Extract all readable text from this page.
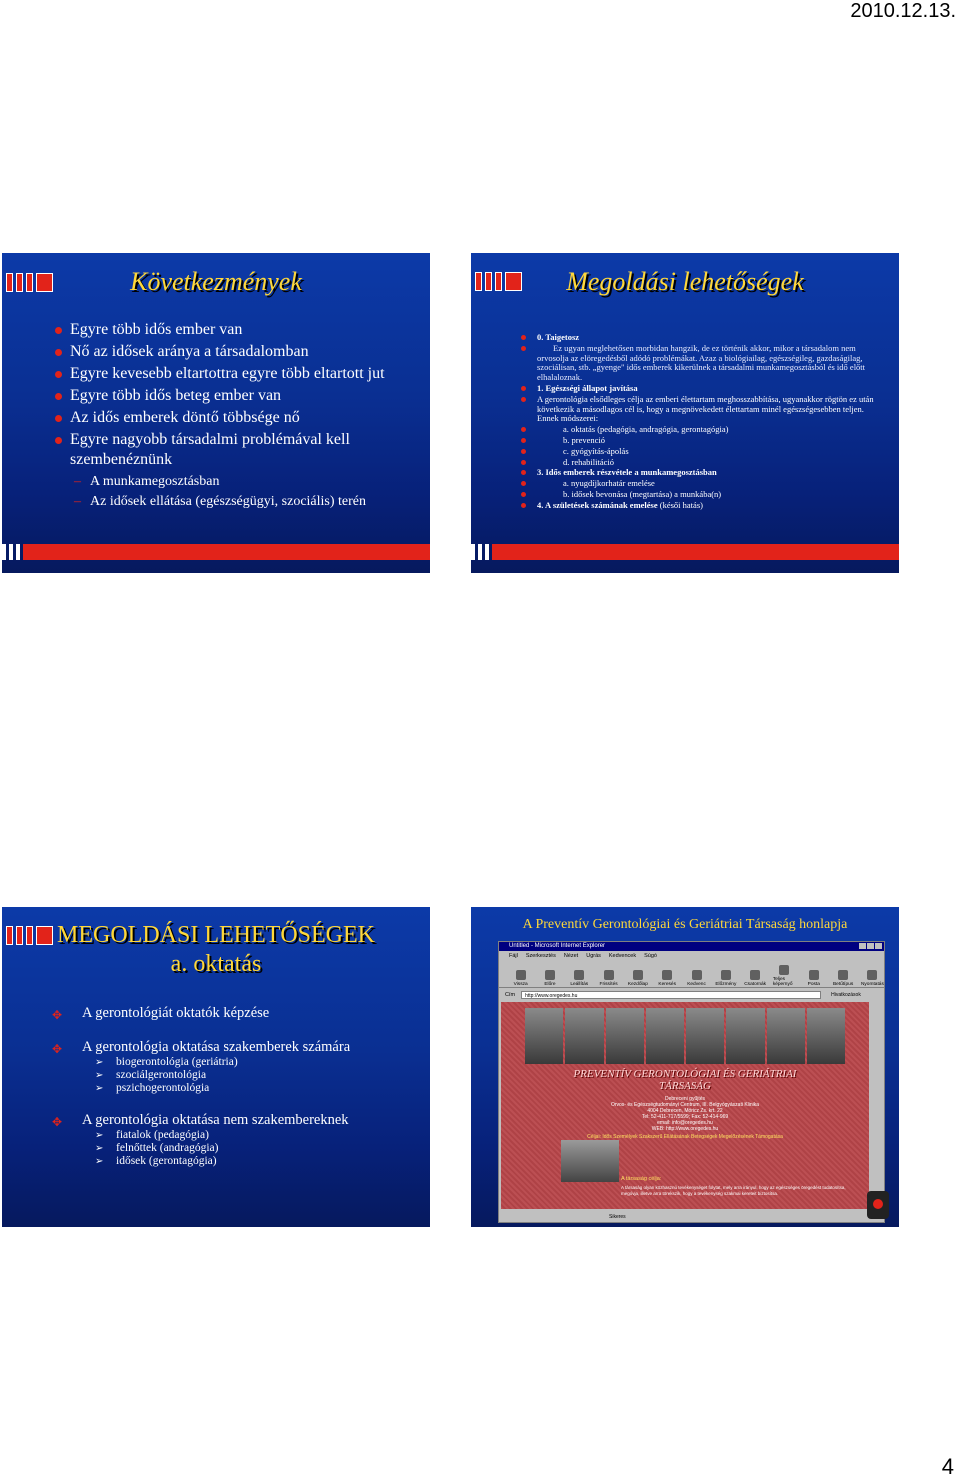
2010.12.13.
Következmények
Egyre több idős ember van
Nő az idősek aránya a társadalomban
Egyre kevesebb eltartottra egyre több eltartott jut
Egyre több idős beteg ember van
Az idős emberek döntő többsége nő
Egyre nagyobb társadalmi problémával kell szembenéznünk
– A munkamegosztásban
– Az idősek ellátása (egészségügyi, szociális) terén
Megoldási lehetőségek
0. Taigetosz
Ez ugyan meglehetősen morbidan hangzik, de ez történik akkor, mikor a társadalom nem orvosolja az elöregedésből adódó problémákat. Azaz a biológiailag, egészségileg, gazdaságilag, szociálisan, stb. „gyenge" idős emberek kikerülnek a társadalmi munkamegosztásból és idő előtt elhalaloznak.
1. Egészségi állapot javítása
A gerontológia elsődleges célja az emberi élettartam meghosszabbítása, ugyanakkor rögtön ez után következik a másodlagos cél is, hogy a megnövekedett élettartam minél egészségesebben teljen. Ennek módszerei:
a. oktatás (pedagógia, andragógia, gerontagógia)
b. prevenció
c. gyógyítás-ápolás
d. rehabilitáció
3. Idős emberek részvétele a munkamegosztásban
a. nyugdíjkorhatár emelése
b. idősek bevonása (megtartása) a munkába(n)
4. A születések számának emelése (késői hatás)
MEGOLDÁSI LEHETŐSÉGEK
a. oktatás
✥ A gerontológiát oktatók képzése
✥ A gerontológia oktatása szakemberek számára
➢ biogerontológia (geriátria)
➢ szociálgerontológia
➢ pszichogerontológia
✥ A gerontológia oktatása nem szakembereknek
➢ fiatalok (pedagógia)
➢ felnőttek (andragógia)
➢ idősek (gerontagógia)
A Preventív Gerontológiai és Geriátriai Társaság honlapja
Untitled - Microsoft Internet Explorer
Fájl Szerkesztés Nézet Ugrás Kedvencek Súgó
Vissza	Előre	Leállítás Frissítés Kezdőlap Keresés Kedvenc Előzmény Csatornák
Teljes képernyő	Posta	Betűtípus Nyomtatás
Cím	http://www.oregedes.hu	Hivatkozások
PREVENTÍV GERONTOLÓGIAI ÉS GERIÁTRIAI
TÁRSASÁG
Debreceni gyűjtés
Orvos- és Egészségtudományi Centrum, III. Belgyógyászati Klinika
4004 Debrecen, Móricz Zs. krt. 22
Tel: 52-411-717/5599; Fax: 52-414-969
email: info@oregedes.hu
WEB: http://www.oregedes.hu
Céljai: Idős Személyek Szakszerű Ellátásának Betegségek Megelőzésének Támogatása
A társaság célja:
A társaság olyan közhasznú tevékenységet folytat, mely arra irányul, hogy az egészséges öregedést tudatosítsa, megóvja, illetve arra törekszik, hogy a tevékenység szakmai kereteit biztosítsa.
Sikeres
4
